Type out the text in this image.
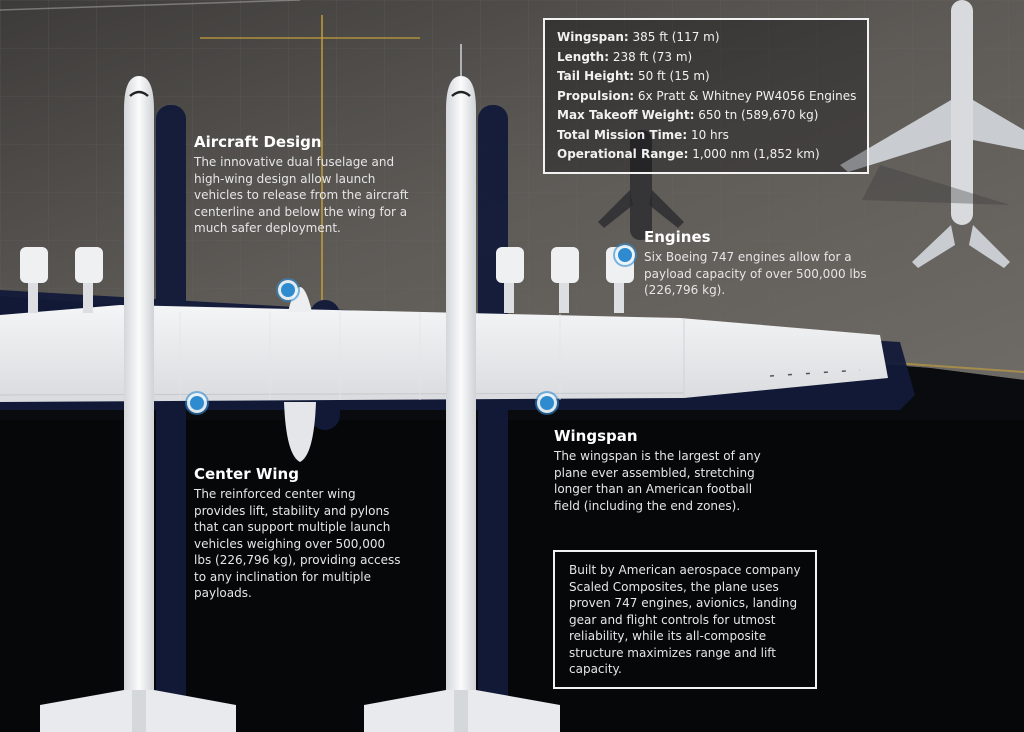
Wingspan: 385 ft (117 m)
Length: 238 ft (73 m)
Tail Height: 50 ft (15 m)
Propulsion: 6x Pratt & Whitney PW4056 Engines
Max Takeoff Weight: 650 tn (589,670 kg)
Total Mission Time: 10 hrs
Operational Range: 1,000 nm (1,852 km)
Aircraft Design

The innovative dual fuselage and high-wing design allow launch vehicles to release from the aircraft centerline and below the wing for a much safer deployment.	Engines

Six Boeing 747 engines allow for a payload capacity of over 500,000 lbs (226,796 kg).

Center Wing

The reinforced center wing provides lift, stability and pylons that can support multiple launch vehicles weighing over 500,000 lbs (226,796 kg), providing access to any inclination for multiple payloads.

Wingspan

The wingspan is the largest of any plane ever assembled, stretching longer than an American football field (including the end zones).

Built by American aerospace company Scaled Composites, the plane uses proven 747 engines, avionics, landing gear and flight controls for utmost reliability, while its all-composite structure maximizes range and lift capacity.
